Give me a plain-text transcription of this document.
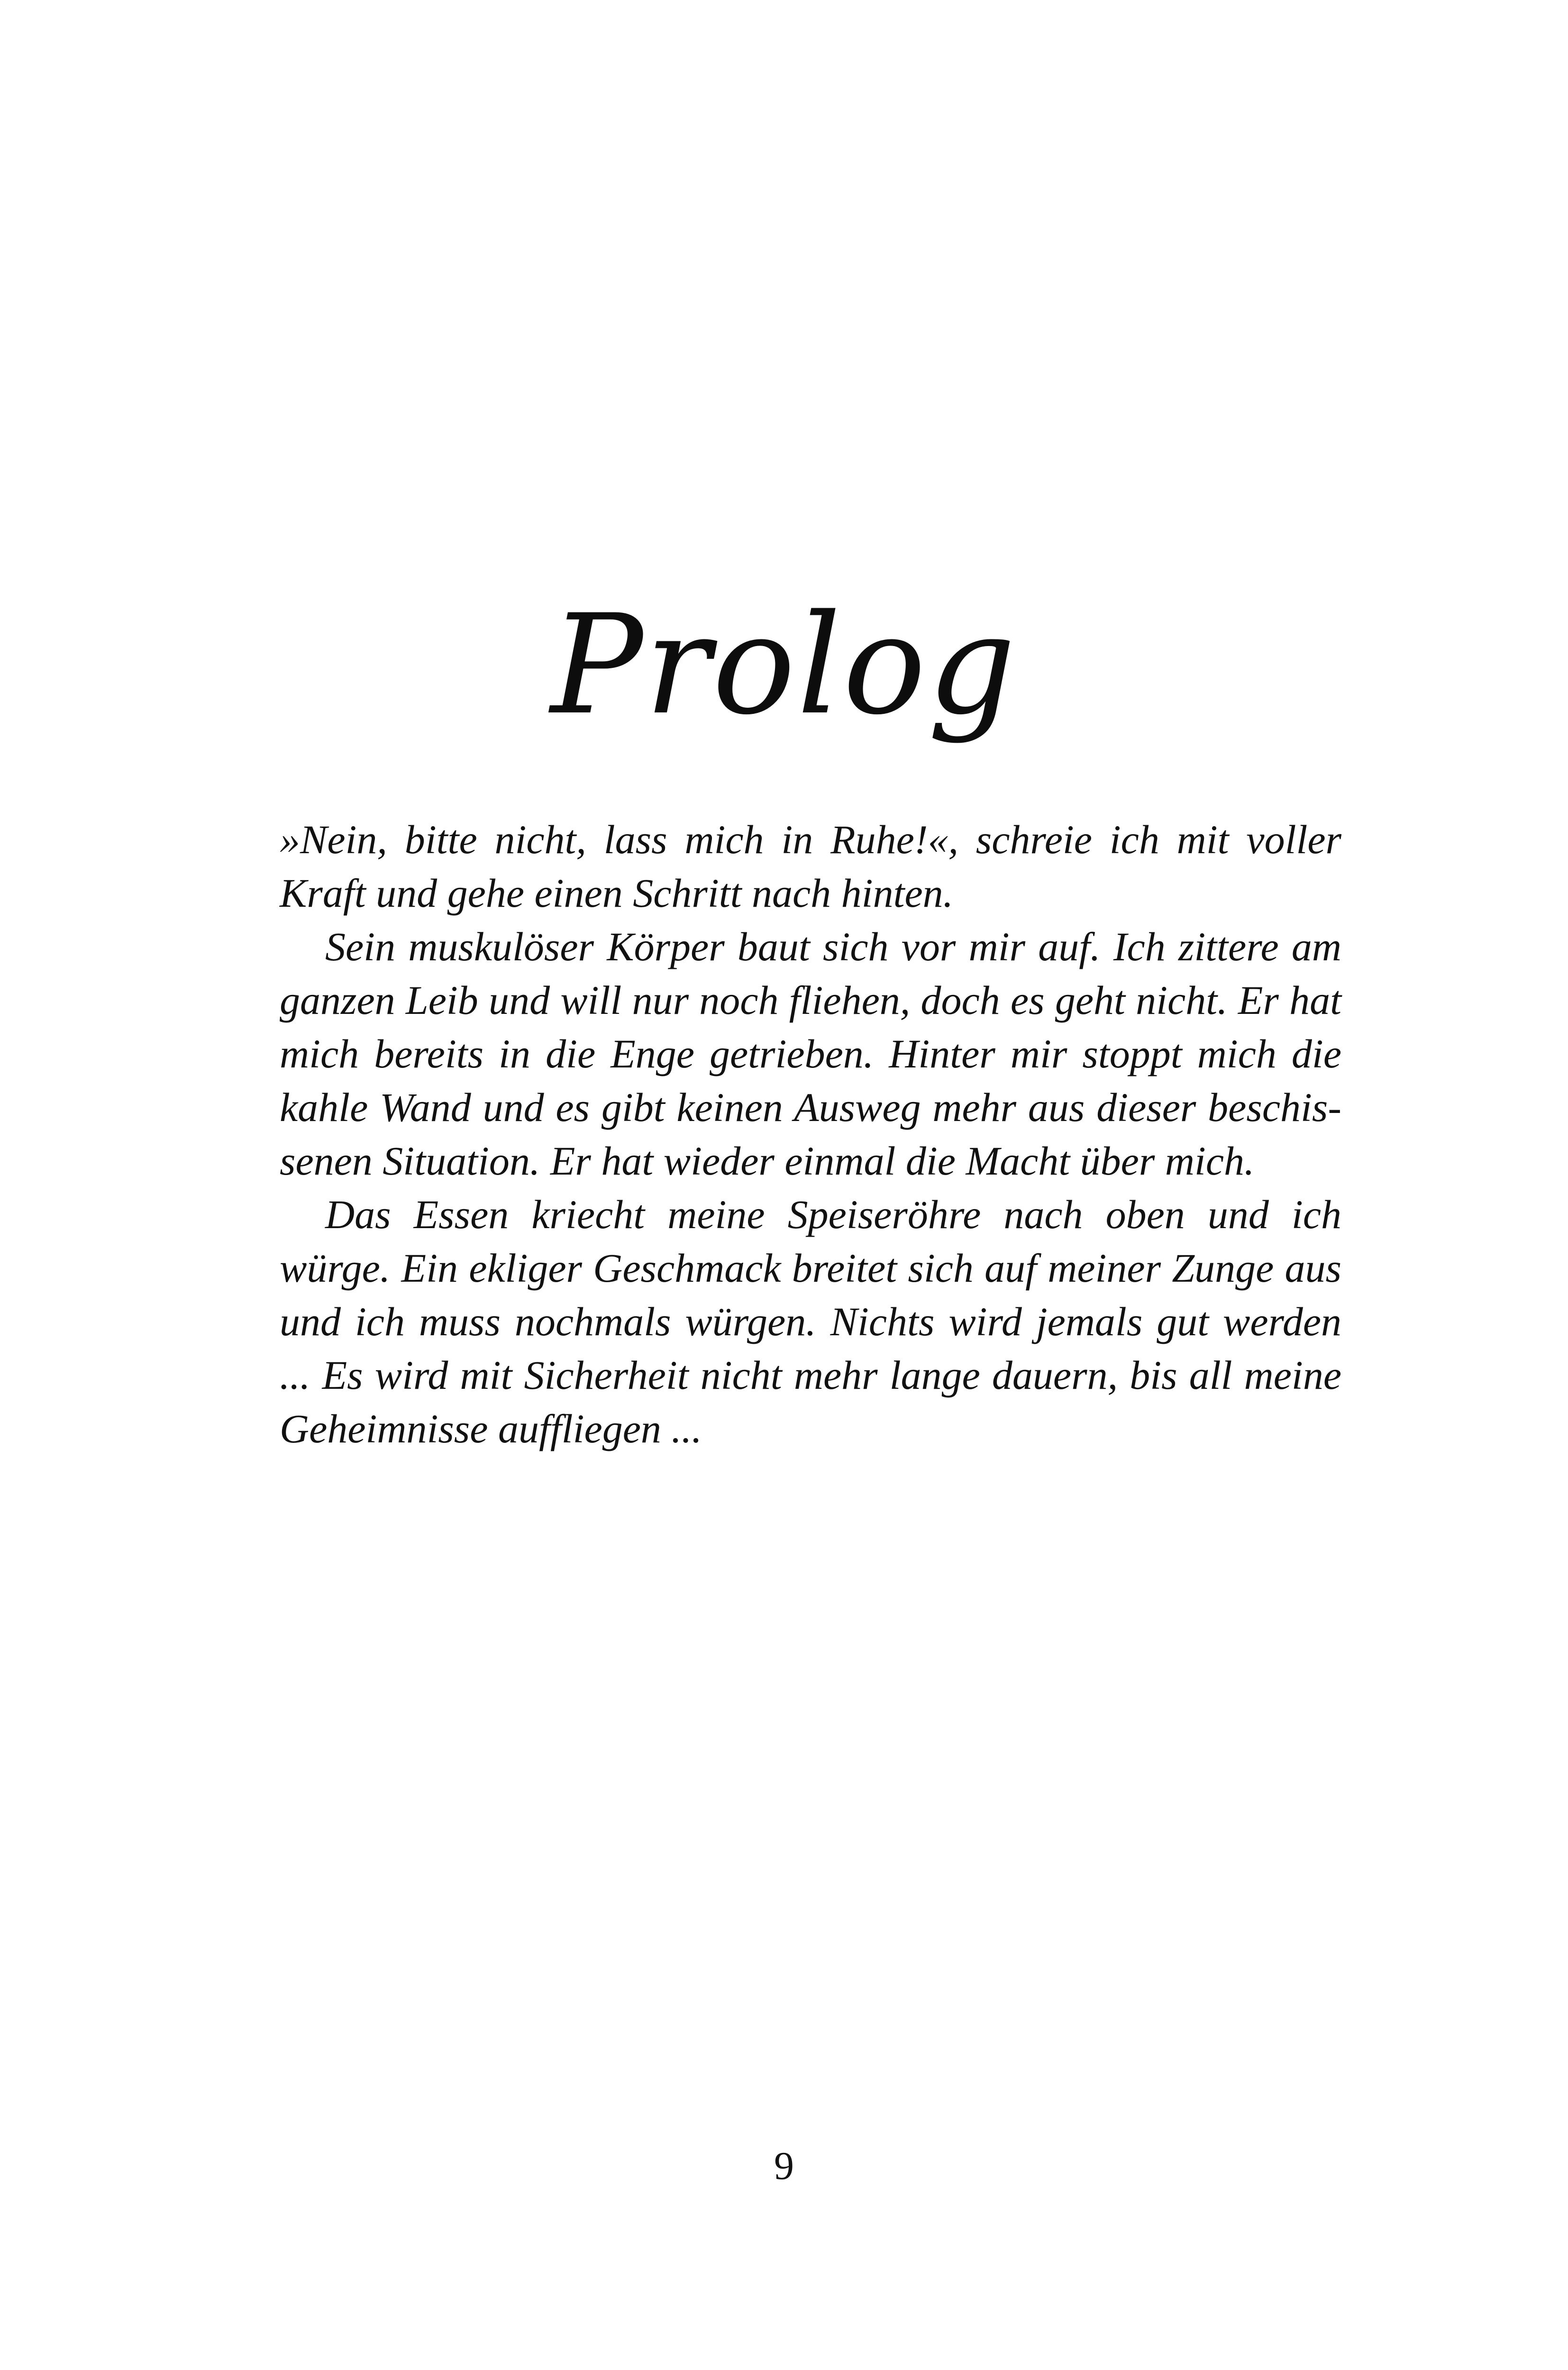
Prolog

»Nein, bitte nicht, lass mich in Ruhe!«, schreie ich mit voller Kraft und gehe einen Schritt nach hinten.

Sein muskulöser Körper baut sich vor mir auf. Ich zittere am ganzen Leib und will nur noch fliehen, doch es geht nicht. Er hat mich bereits in die Enge getrieben. Hinter mir stoppt mich die kahle Wand und es gibt keinen Ausweg mehr aus dieser beschissenen Situation. Er hat wieder einmal die Macht über mich.

Das Essen kriecht meine Speiseröhre nach oben und ich würge. Ein ekliger Geschmack breitet sich auf meiner Zunge aus und ich muss nochmals würgen. Nichts wird jemals gut werden ... Es wird mit Sicherheit nicht mehr lange dauern, bis all meine Geheimnisse auffliegen ...

9
